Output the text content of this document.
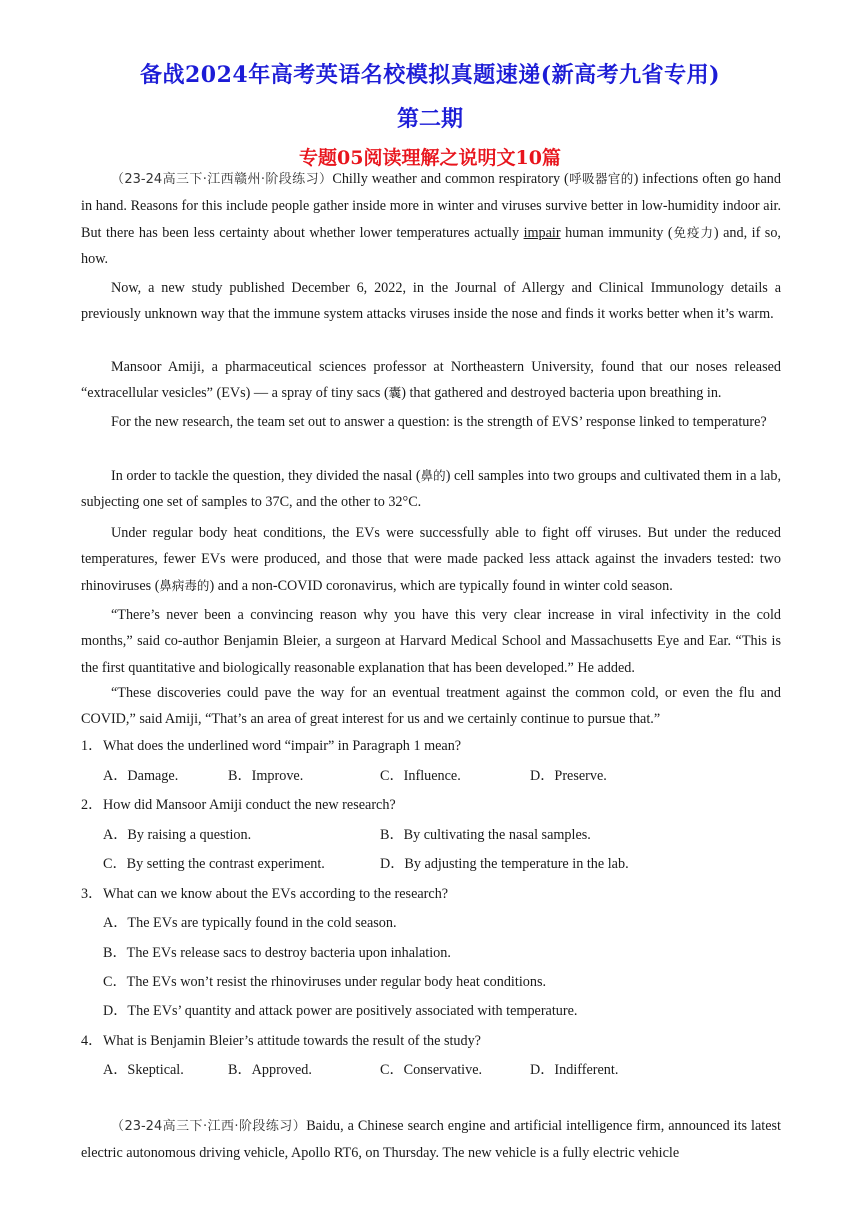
备战2024年高考英语名校模拟真题速递(新高考九省专用)
第二期
专题05阅读理解之说明文10篇

（23-24高三下·江西赣州·阶段练习）Chilly weather and common respiratory (呼吸器官的) infections often go hand in hand. Reasons for this include people gather inside more in winter and viruses survive better in low-humidity indoor air. But there has been less certainty about whether lower temperatures actually impair human immunity (免疫力) and, if so, how.

Now, a new study published December 6, 2022, in the Journal of Allergy and Clinical Immunology details a previously unknown way that the immune system attacks viruses inside the nose and finds it works better when it’s warm.

Mansoor Amiji, a pharmaceutical sciences professor at Northeastern University, found that our noses released “extracellular vesicles” (EVs) — a spray of tiny sacs (囊) that gathered and destroyed bacteria upon breathing in.

For the new research, the team set out to answer a question: is the strength of EVS’ response linked to temperature?

In order to tackle the question, they divided the nasal (鼻的) cell samples into two groups and cultivated them in a lab, subjecting one set of samples to 37C, and the other to 32°C.

Under regular body heat conditions, the EVs were successfully able to fight off viruses. But under the reduced temperatures, fewer EVs were produced, and those that were made packed less attack against the invaders tested: two rhinoviruses (鼻病毒的) and a non-COVID coronavirus, which are typically found in winter cold season.

“There’s never been a convincing reason why you have this very clear increase in viral infectivity in the cold months,” said co-author Benjamin Bleier, a surgeon at Harvard Medical School and Massachusetts Eye and Ear. “This is the first quantitative and biologically reasonable explanation that has been developed.” He added.

“These discoveries could pave the way for an eventual treatment against the common cold, or even the flu and COVID,” said Amiji, “That’s an area of great interest for us and we certainly continue to pursue that.”

1．What does the underlined word “impair” in Paragraph 1 mean?
A．Damage.	B．Improve.	C．Influence.	D．Preserve.
2．How did Mansoor Amiji conduct the new research?
A．By raising a question.	B．By cultivating the nasal samples.
C．By setting the contrast experiment.	D．By adjusting the temperature in the lab.
3．What can we know about the EVs according to the research?
A．The EVs are typically found in the cold season.
B．The EVs release sacs to destroy bacteria upon inhalation.
C．The EVs won’t resist the rhinoviruses under regular body heat conditions.
D．The EVs’ quantity and attack power are positively associated with temperature.
4．What is Benjamin Bleier’s attitude towards the result of the study?
A．Skeptical.	B．Approved.	C．Conservative.	D．Indifferent.

（23-24高三下·江西·阶段练习）Baidu, a Chinese search engine and artificial intelligence firm, announced its latest electric autonomous driving vehicle, Apollo RT6, on Thursday. The new vehicle is a fully electric vehicle
